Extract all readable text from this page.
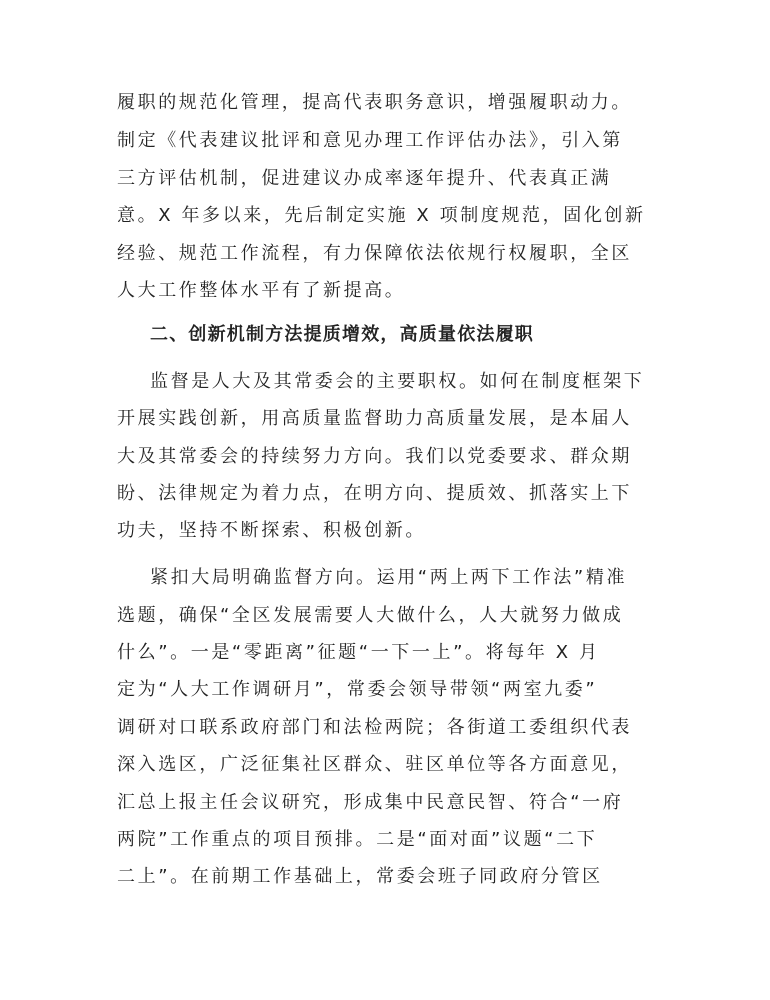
履职的规范化管理，提高代表职务意识，增强履职动力。

制定《代表建议批评和意见办理工作评估办法》，引入第

三方评估机制，促进建议办成率逐年提升、代表真正满

意。X 年多以来，先后制定实施 X 项制度规范，固化创新

经验、规范工作流程，有力保障依法依规行权履职，全区

人大工作整体水平有了新提高。

二、创新机制方法提质增效，高质量依法履职

监督是人大及其常委会的主要职权。如何在制度框架下

开展实践创新，用高质量监督助力高质量发展，是本届人

大及其常委会的持续努力方向。我们以党委要求、群众期

盼、法律规定为着力点，在明方向、提质效、抓落实上下

功夫，坚持不断探索、积极创新。

紧扣大局明确监督方向。运用“两上两下工作法”精准

选题，确保“全区发展需要人大做什么，人大就努力做成

什么”。一是“零距离”征题“一下一上”。将每年 X 月

定为“人大工作调研月”，常委会领导带领“两室九委”

调研对口联系政府部门和法检两院；各街道工委组织代表

深入选区，广泛征集社区群众、驻区单位等各方面意见，

汇总上报主任会议研究，形成集中民意民智、符合“一府

两院”工作重点的项目预排。二是“面对面”议题“二下

二上”。在前期工作基础上，常委会班子同政府分管区
